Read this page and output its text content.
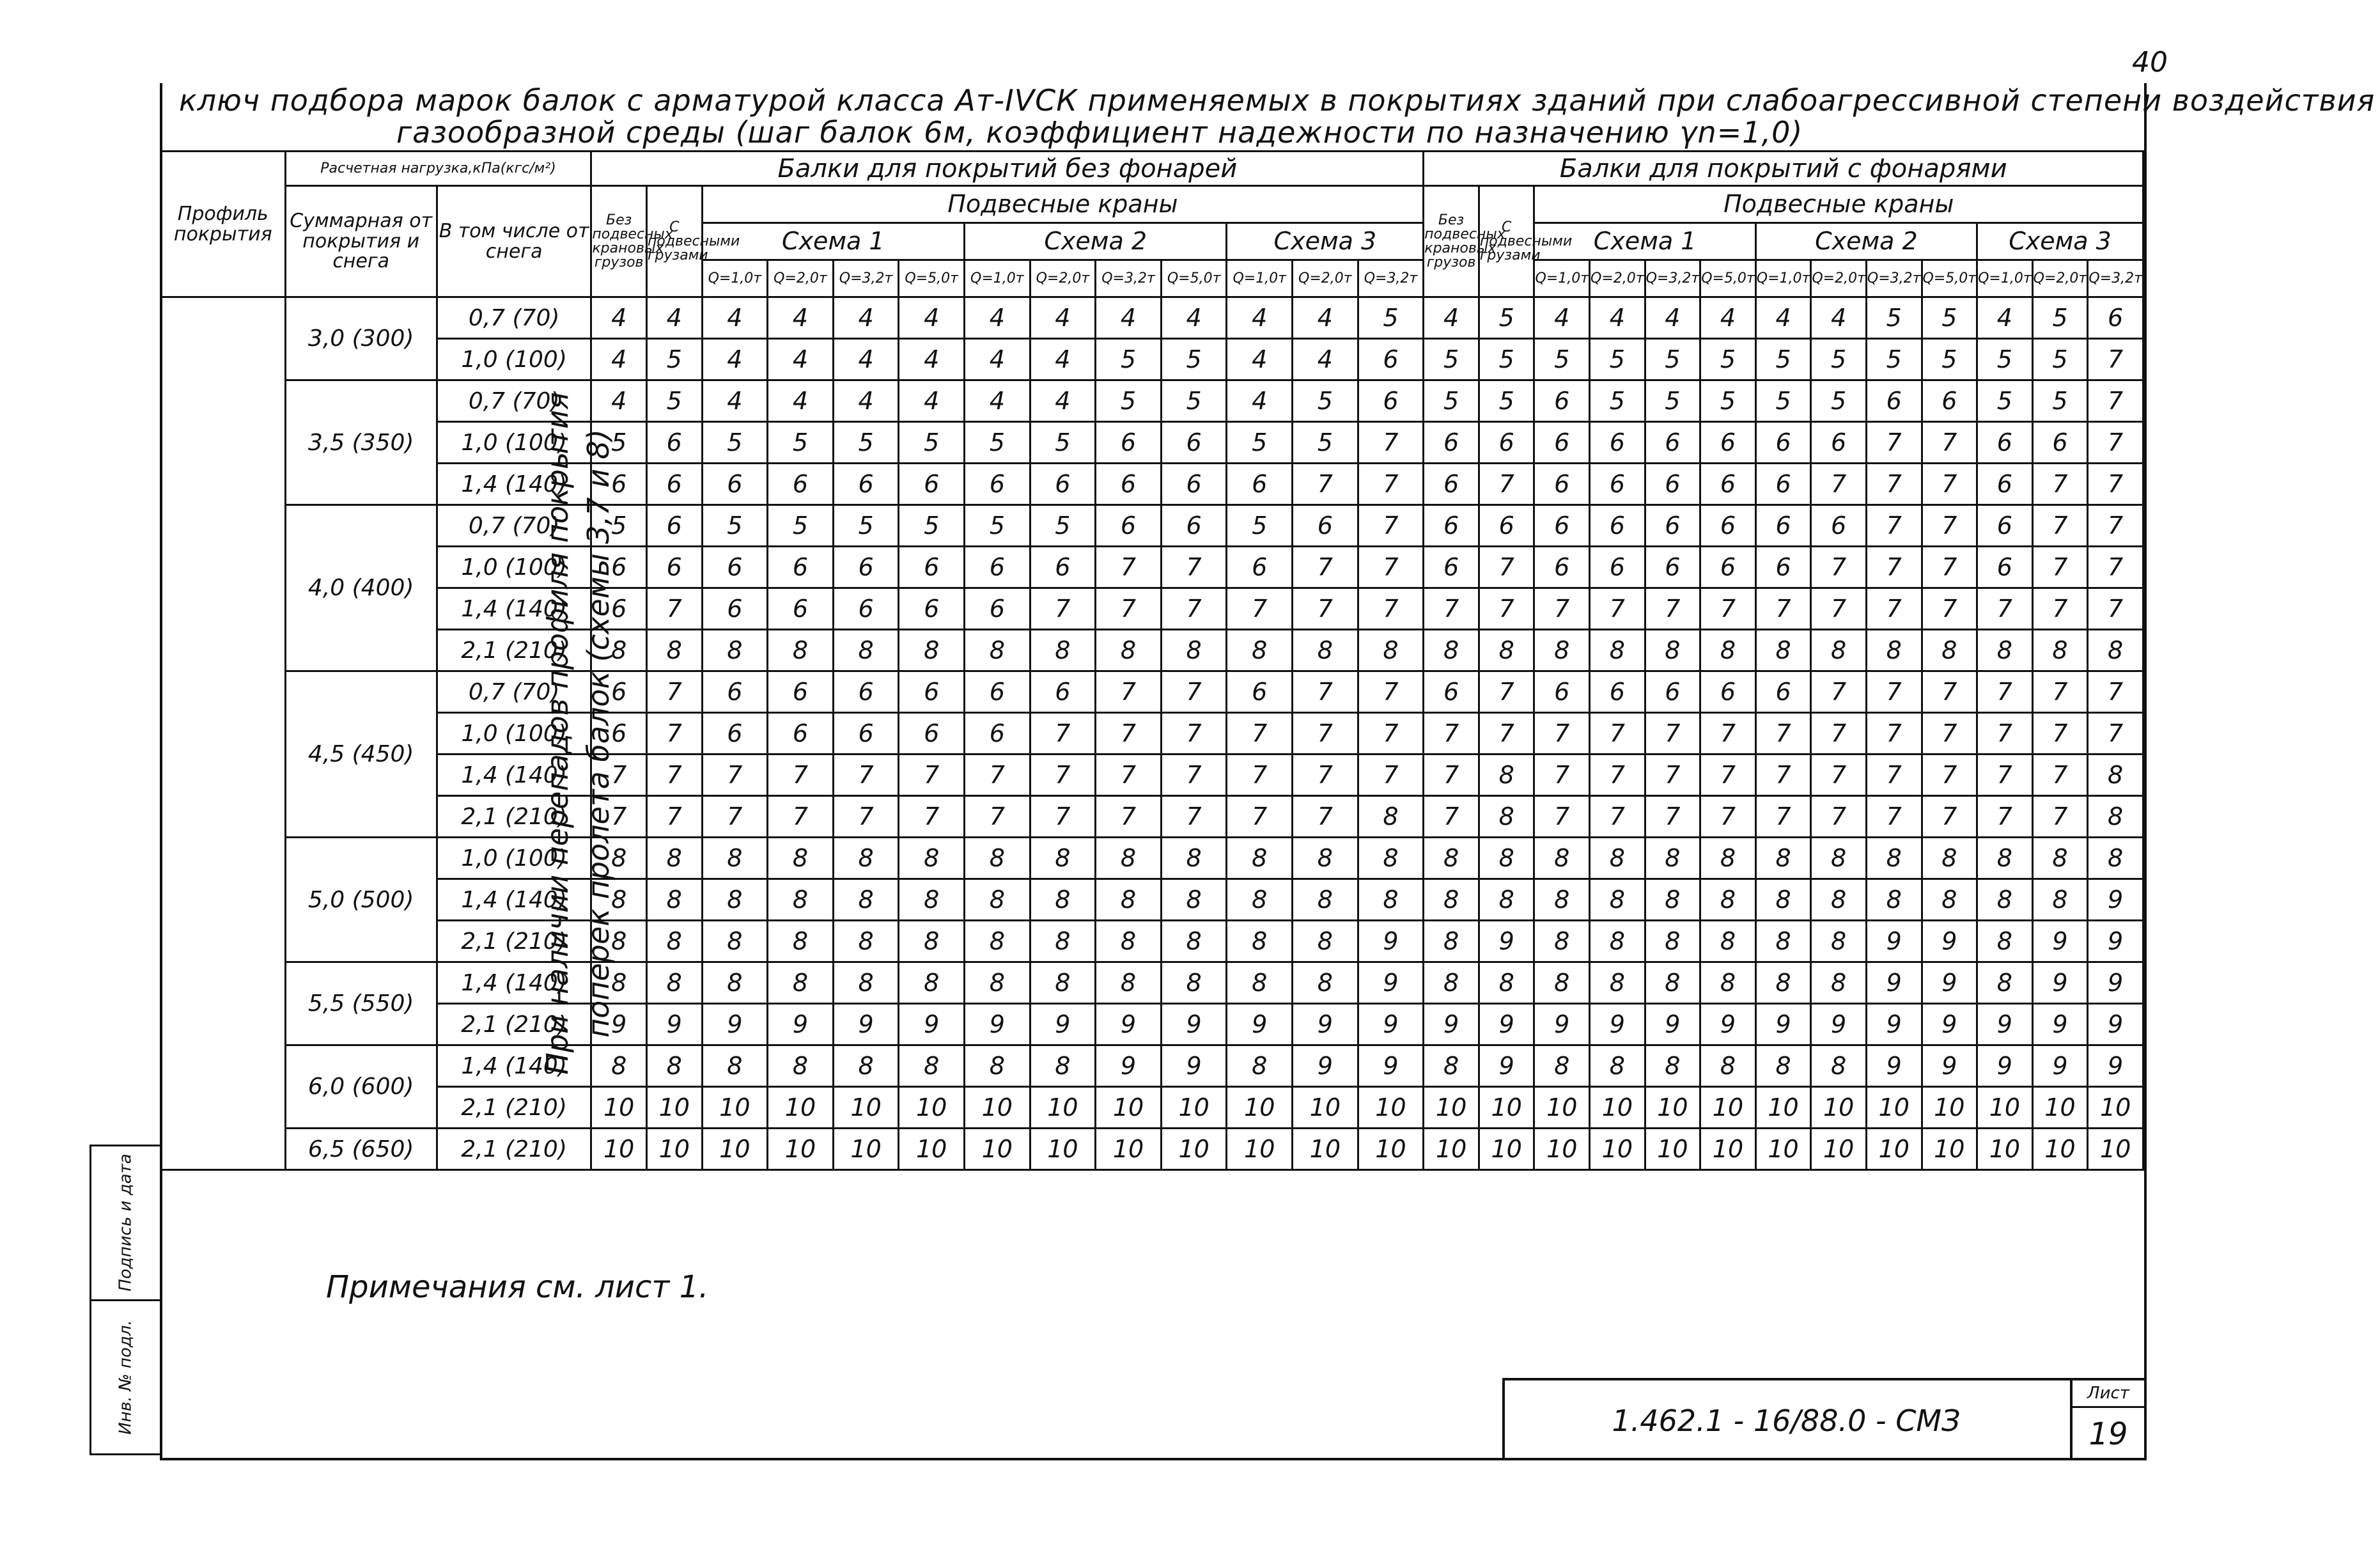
40
ключ подбора марок балок с арматурой класса Ат-IVСК применяемых в покрытиях зданий при слабоагрессивной степени воздействия
газообразной среды (шаг балок 6м, коэффициент надежности по назначению γn=1,0)
Профиль покрытия	Расчетная нагрузка,кПа(кгс/м²)		Балки для покрытий без фонарей													Балки для покрытий с фонарями												
	Суммарная от покрытия и снега	В том числе от снега	Без подвесных крановых грузов	С подвесными грузами	Подвесные краны											Без подвесных крановых грузов	С подвесными грузами	Подвесные краны										
					Схема 1				Схема 2				Схема 3					Схема 1				Схема 2				Схема 3		
					Q=1,0т	Q=2,0т	Q=3,2т	Q=5,0т	Q=1,0т	Q=2,0т	Q=3,2т	Q=5,0т	Q=1,0т	Q=2,0т	Q=3,2т			Q=1,0т	Q=2,0т	Q=3,2т	Q=5,0т	Q=1,0т	Q=2,0т	Q=3,2т	Q=5,0т	Q=1,0т	Q=2,0т	Q=3,2т

При наличии перепадов профиля покрытия поперек пролета балок (схемы 3,7 и 8)	3,0 (300)	0,7 (70)	4	4	4	4	4	4	4	4	4	4	4	4	5	4	5	4	4	4	4	4	4	5	5	4	5	6
		1,0 (100)	4	5	4	4	4	4	4	4	5	5	4	4	6	5	5	5	5	5	5	5	5	5	5	5	5	7
	3,5 (350)	0,7 (70)	4	5	4	4	4	4	4	4	5	5	4	5	6	5	5	6	5	5	5	5	5	6	6	5	5	7
		1,0 (100)	5	6	5	5	5	5	5	5	6	6	5	5	7	6	6	6	6	6	6	6	6	7	7	6	6	7
		1,4 (140)	6	6	6	6	6	6	6	6	6	6	6	7	7	6	7	6	6	6	6	6	7	7	7	6	7	7
	4,0 (400)	0,7 (70)	5	6	5	5	5	5	5	5	6	6	5	6	7	6	6	6	6	6	6	6	6	7	7	6	7	7
		1,0 (100)	6	6	6	6	6	6	6	6	7	7	6	7	7	6	7	6	6	6	6	6	7	7	7	6	7	7
		1,4 (140)	6	7	6	6	6	6	6	7	7	7	7	7	7	7	7	7	7	7	7	7	7	7	7	7	7	7
		2,1 (210)	8	8	8	8	8	8	8	8	8	8	8	8	8	8	8	8	8	8	8	8	8	8	8	8	8	8
	4,5 (450)	0,7 (70)	6	7	6	6	6	6	6	6	7	7	6	7	7	6	7	6	6	6	6	6	7	7	7	7	7	7
		1,0 (100)	6	7	6	6	6	6	6	7	7	7	7	7	7	7	7	7	7	7	7	7	7	7	7	7	7	7
		1,4 (140)	7	7	7	7	7	7	7	7	7	7	7	7	7	7	8	7	7	7	7	7	7	7	7	7	7	8
		2,1 (210)	7	7	7	7	7	7	7	7	7	7	7	7	8	7	8	7	7	7	7	7	7	7	7	7	7	8
	5,0 (500)	1,0 (100)	8	8	8	8	8	8	8	8	8	8	8	8	8	8	8	8	8	8	8	8	8	8	8	8	8	8
		1,4 (140)	8	8	8	8	8	8	8	8	8	8	8	8	8	8	8	8	8	8	8	8	8	8	8	8	8	9
		2,1 (210)	8	8	8	8	8	8	8	8	8	8	8	8	9	8	9	8	8	8	8	8	8	9	9	8	9	9
	5,5 (550)	1,4 (140)	8	8	8	8	8	8	8	8	8	8	8	8	9	8	8	8	8	8	8	8	8	9	9	8	9	9
		2,1 (210)	9	9	9	9	9	9	9	9	9	9	9	9	9	9	9	9	9	9	9	9	9	9	9	9	9	9
	6,0 (600)	1,4 (140)	8	8	8	8	8	8	8	8	9	9	8	9	9	8	9	8	8	8	8	8	8	9	9	9	9	9
		2,1 (210)	10	10	10	10	10	10	10	10	10	10	10	10	10	10	10	10	10	10	10	10	10	10	10	10	10	10
	6,5 (650)	2,1 (210)	10	10	10	10	10	10	10	10	10	10	10	10	10	10	10	10	10	10	10	10	10	10	10	10	10	10
Примечания см. лист 1.
Подпись и дата
Инв. № подл.	1.462.1 - 16/88.0 - СМЗ
Лист
19
